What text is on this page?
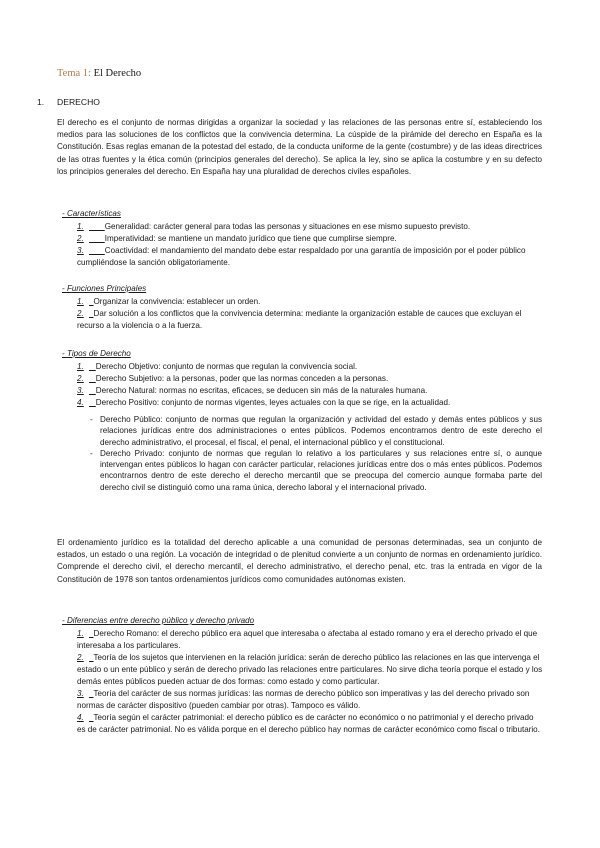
Tema 1: El Derecho
1. DERECHO
El derecho es el conjunto de normas dirigidas a organizar la sociedad y las relaciones de las personas entre sí, estableciendo los medios para las soluciones de los conflictos que la convivencia determina. La cúspide de la pirámide del derecho en España es la Constitución. Esas reglas emanan de la potestad del estado, de la conducta uniforme de la gente (costumbre) y de las ideas directrices de las otras fuentes y la ética común (principios generales del derecho). Se aplica la ley, sino se aplica la costumbre y en su defecto los principios generales del derecho. En España hay una pluralidad de derechos civiles españoles.
- Características
1.	Generalidad: carácter general para todas las personas y situaciones en ese mismo supuesto previsto.
2.	Imperatividad: se mantiene un mandato jurídico que tiene que cumplirse siempre.
3.	Coactividad: el mandamiento del mandato debe estar respaldado por una garantía de imposición por el poder público cumpliéndose la sanción obligatoriamente.
- Funciones Principales
1. Organizar la convivencia: establecer un orden.
2. Dar solución a los conflictos que la convivencia determina: mediante la organización estable de cauces que excluyan el recurso a la violencia o a la fuerza.
- Tipos de Derecho
1. Derecho Objetivo: conjunto de normas que regulan la convivencia social.
2. Derecho Subjetivo: a la personas, poder que las normas conceden a la personas.
3. Derecho Natural: normas no escritas, eficaces, se deducen sin más de la naturales humana.
4. Derecho Positivo: conjunto de normas vigentes, leyes actuales con la que se rige, en la actualidad.
- Derecho Público: conjunto de normas que regulan la organización y actividad del estado y demás entes públicos y sus relaciones jurídicas entre dos administraciones o entes públicos. Podemos encontrarnos dentro de este derecho el derecho administrativo, el procesal, el fiscal, el penal, el internacional público y el constitucional.
- Derecho Privado: conjunto de normas que regulan lo relativo a los particulares y sus relaciones entre sí, o aunque intervengan entes públicos lo hagan con carácter particular, relaciones jurídicas entre dos o más entes públicos. Podemos encontrarnos dentro de este derecho el derecho mercantil que se preocupa del comercio aunque formaba parte del derecho civil se distinguió como una rama única, derecho laboral y el internacional privado.
El ordenamiento jurídico es la totalidad del derecho aplicable a una comunidad de personas determinadas, sea un conjunto de estados, un estado o una región. La vocación de integridad o de plenitud convierte a un conjunto de normas en ordenamiento jurídico. Comprende el derecho civil, el derecho mercantil, el derecho administrativo, el derecho penal, etc. tras la entrada en vigor de la Constitución de 1978 son tantos ordenamientos jurídicos como comunidades autónomas existen.
- Diferencias entre derecho público y derecho privado
1. Derecho Romano: el derecho público era aquel que interesaba o afectaba al estado romano y era el derecho privado el que interesaba a los particulares.
2. Teoría de los sujetos que intervienen en la relación jurídica: serán de derecho público las relaciones en las que intervenga el estado o un ente público y serán de derecho privado las relaciones entre particulares. No sirve dicha teoría porque el estado y los demás entes públicos pueden actuar de dos formas: como estado y como particular.
3. Teoría del carácter de sus normas jurídicas: las normas de derecho público son imperativas y las del derecho privado son normas de carácter dispositivo (pueden cambiar por otras). Tampoco es válido.
4. Teoría según el carácter patrimonial: el derecho público es de carácter no económico o no patrimonial y el derecho privado es de carácter patrimonial. No es válida porque en el derecho público hay normas de carácter económico como fiscal o tributario.
